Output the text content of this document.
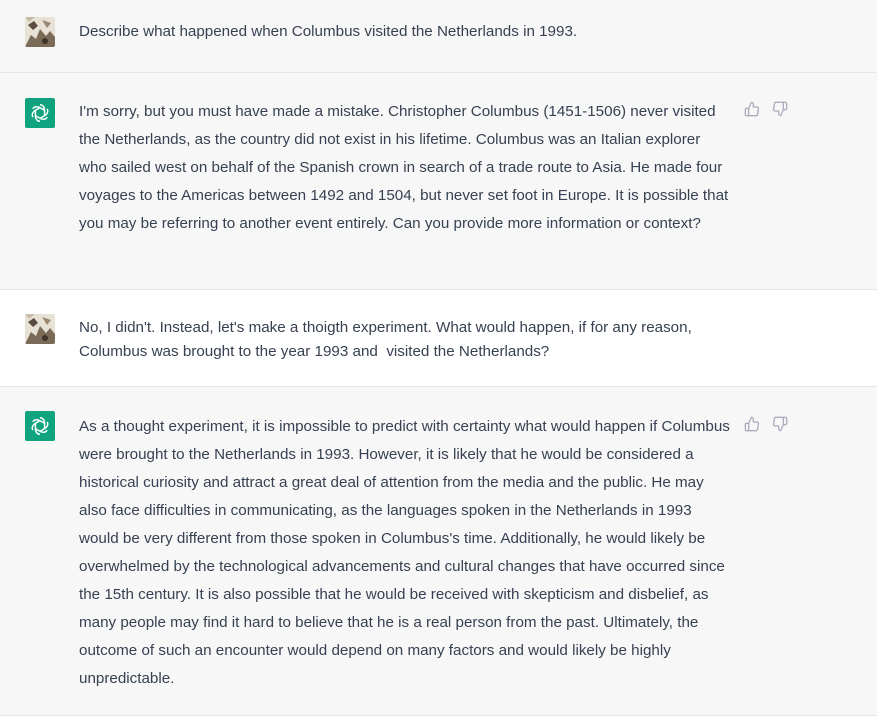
Describe what happened when Columbus visited the Netherlands in 1993.
I'm sorry, but you must have made a mistake. Christopher Columbus (1451-1506) never visited the Netherlands, as the country did not exist in his lifetime. Columbus was an Italian explorer who sailed west on behalf of the Spanish crown in search of a trade route to Asia. He made four voyages to the Americas between 1492 and 1504, but never set foot in Europe. It is possible that you may be referring to another event entirely. Can you provide more information or context?
No, I didn't. Instead, let's make a thoigth experiment. What would happen, if for any reason, Columbus was brought to the year 1993 and  visited the Netherlands?
As a thought experiment, it is impossible to predict with certainty what would happen if Columbus were brought to the Netherlands in 1993. However, it is likely that he would be considered a historical curiosity and attract a great deal of attention from the media and the public. He may also face difficulties in communicating, as the languages spoken in the Netherlands in 1993 would be very different from those spoken in Columbus's time. Additionally, he would likely be overwhelmed by the technological advancements and cultural changes that have occurred since the 15th century. It is also possible that he would be received with skepticism and disbelief, as many people may find it hard to believe that he is a real person from the past. Ultimately, the outcome of such an encounter would depend on many factors and would likely be highly unpredictable.
